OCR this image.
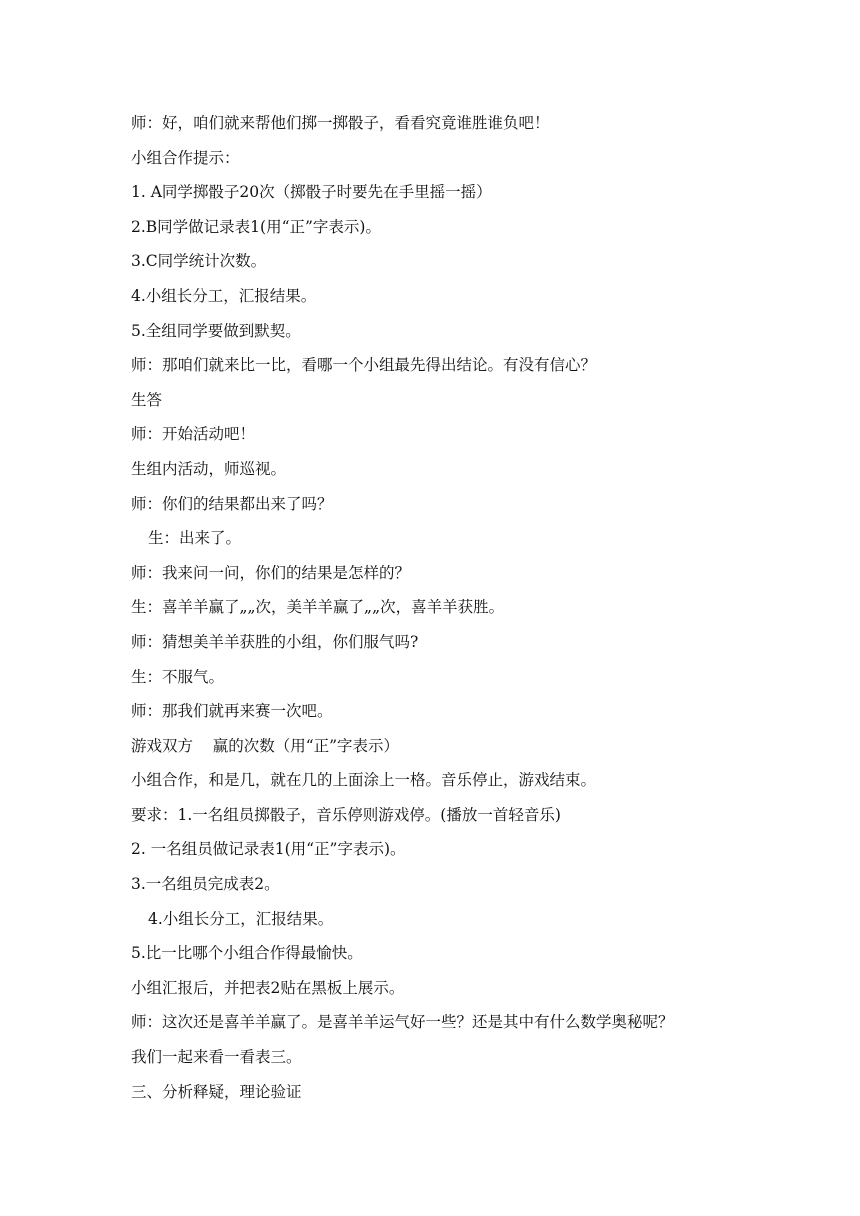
师：好，咱们就来帮他们掷一掷骰子，看看究竟谁胜谁负吧！
小组合作提示：
1. A同学掷骰子20次（掷骰子时要先在手里摇一摇）
2.B同学做记录表1(用“正”字表示)。
3.C同学统计次数。
4.小组长分工，汇报结果。
5.全组同学要做到默契。
师：那咱们就来比一比，看哪一个小组最先得出结论。有没有信心？
生答
师：开始活动吧！
生组内活动，师巡视。
师：你们的结果都出来了吗？
生：出来了。
师：我来问一问，你们的结果是怎样的？
生：喜羊羊赢了„„次，美羊羊赢了„„次，喜羊羊获胜。
师：猜想美羊羊获胜的小组，你们服气吗?
生：不服气。
师：那我们就再来赛一次吧。
游戏双方    赢的次数（用“正”字表示）
小组合作，和是几，就在几的上面涂上一格。音乐停止，游戏结束。
要求：1.一名组员掷骰子，音乐停则游戏停。(播放一首轻音乐)
2. 一名组员做记录表1(用“正”字表示)。
3.一名组员完成表2。
4.小组长分工，汇报结果。
5.比一比哪个小组合作得最愉快。
小组汇报后，并把表2贴在黑板上展示。
师：这次还是喜羊羊赢了。是喜羊羊运气好一些？还是其中有什么数学奥秘呢？
我们一起来看一看表三。
三、分析释疑，理论验证
